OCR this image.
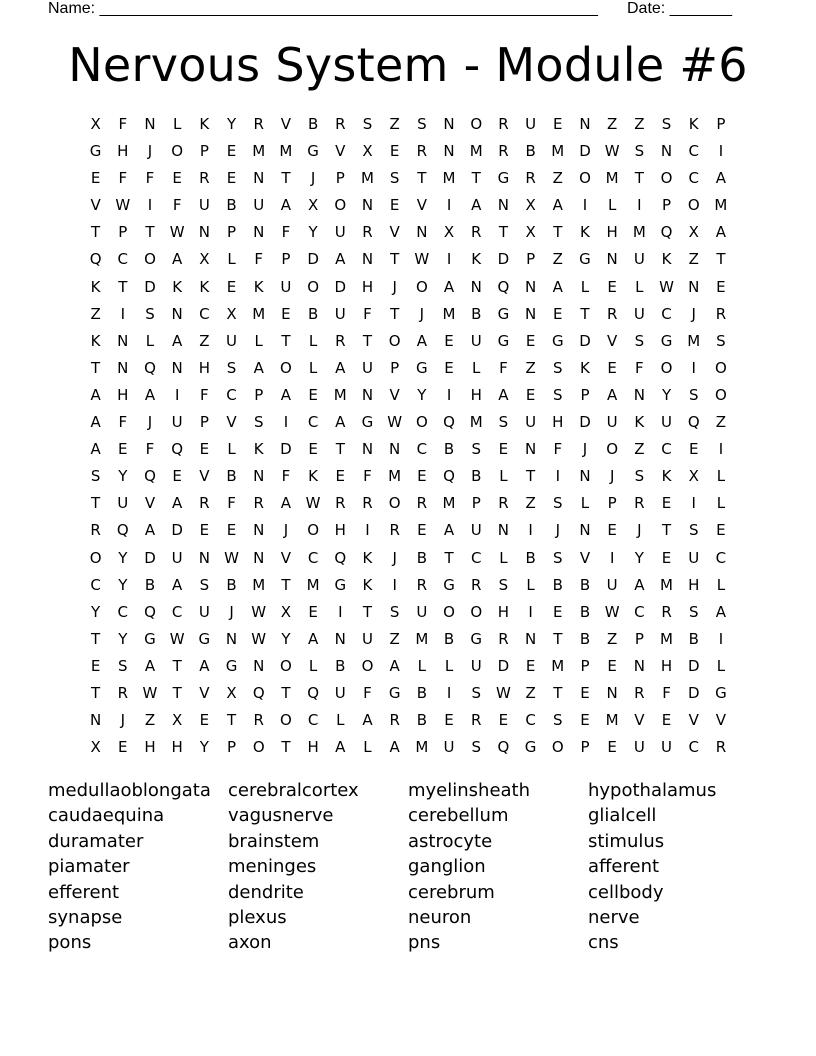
Name: ________________________________________________________ Date: _______
Nervous System - Module #6
X	F	N	L	K	Y	R	V	B	R	S	Z	S	N	O	R	U	E	N	Z	Z	S	K	P
G	H	J	O	P	E	M M G	V	X	E	R	N	M	R	B	M D W	S	N	C	I
E	F	F	E	R	E	N	T	J	P	M	S	T	M	T	G	R	Z	O M	T	O	C	A
V W	I	F	U	B	U	A	X	O	N	E	V	I	A	N	X	A	I	L	I	P	O M
T	P	T	W N	P	N	F	Y	U	R	V	N	X	R	T	X	T	K	H	M Q	X	A
Q	C	O	A	X	L	F	P	D	A	N	T	W	I	K	D	P	Z	G	N	U	K	Z	T
K	T	D	K	K	E	K	U	O	D	H	J	O	A	N	Q	N	A	L	E	L	W N	E
Z	I	S	N	C	X	M	E	B	U	F	T	J	M	B	G	N	E	T	R	U	C	J	R
K	N	L	A	Z	U	L	T	L	R	T	O	A	E	U	G	E	G	D	V	S	G M	S
T	N	Q	N	H	S	A	O	L	A	U	P	G	E	L	F	Z	S	K	E	F	O	I	O
A	H	A	I	F	C	P	A	E	M	N	V	Y	I	H	A	E	S	P	A	N	Y	S	O
A	F	J	U	P	V	S	I	C	A	G W O	Q M	S	U	H	D	U	K	U	Q	Z
A	E	F	Q	E	L	K	D	E	T	N	N	C	B	S	E	N	F	J	O	Z	C	E	I
S	Y	Q	E	V	B	N	F	K	E	F	M	E	Q	B	L	T	I	N	J	S	K	X	L
T	U	V	A	R	F	R	A W R	R	O	R	M	P	R	Z	S	L	P	R	E	I	L
R	Q	A	D	E	E	N	J	O	H	I	R	E	A	U	N	I	J	N	E	J	T	S	E
O	Y	D	U	N W N	V	C	Q	K	J	B	T	C	L	B	S	V	I	Y	E	U	C
C	Y	B	A	S	B	M	T	M G	K	I	R	G	R	S	L	B	B	U	A	M	H	L
Y	C	Q	C	U	J	W X	E	I	T	S	U	O	O	H	I	E	B W C	R	S	A
T	Y	G W G	N W	Y	A	N	U	Z	M	B	G	R	N	T	B	Z	P	M	B	I
E	S	A	T	A	G	N	O	L	B	O	A	L	L	U	D	E	M	P	E	N	H	D	L
T	R W	T	V	X	Q	T	Q	U	F	G	B	I	S	W Z	T	E	N	R	F	D	G
N	J	Z	X	E	T	R	O	C	L	A	R	B	E	R	E	C	S	E	M	V	E	V	V
X	E	H	H	Y	P	O	T	H	A	L	A	M	U	S	Q	G	O	P	E	U	U	C	R
medullaoblongata cerebralcortex	myelinsheath	hypothalamus
caudaequina	vagusnerve	cerebellum	glialcell
duramater	brainstem	astrocyte	stimulus
piamater	meninges	ganglion	afferent
efferent	dendrite	cerebrum	cellbody
synapse	plexus	neuron	nerve
pons	axon	pns	cns
